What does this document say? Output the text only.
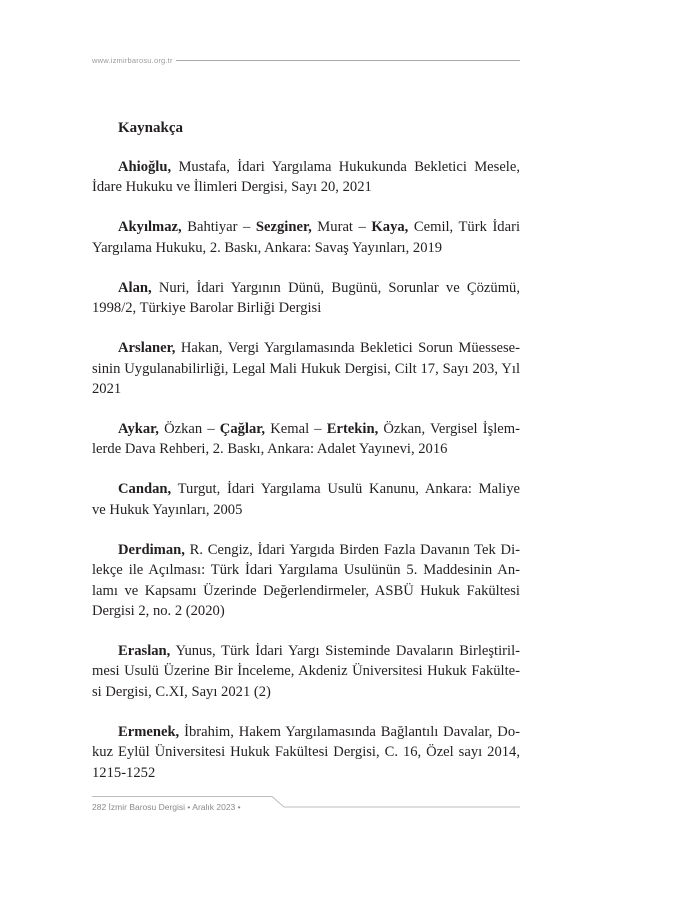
www.izmirbarosu.org.tr
Kaynakça
Ahioğlu, Mustafa, İdari Yargılama Hukukunda Bekletici Mesele,
İdare Hukuku ve İlimleri Dergisi, Sayı 20, 2021
Akyılmaz, Bahtiyar – Sezginer, Murat – Kaya, Cemil, Türk İdari
Yargılama Hukuku, 2. Baskı, Ankara: Savaş Yayınları, 2019
Alan, Nuri, İdari Yargının Dünü, Bugünü, Sorunlar ve Çözümü,
1998/2, Türkiye Barolar Birliği Dergisi
Arslaner, Hakan, Vergi Yargılamasında Bekletici Sorun Müessese-
sinin Uygulanabilirliği, Legal Mali Hukuk Dergisi, Cilt 17, Sayı 203, Yıl
2021
Aykar, Özkan – Çağlar, Kemal – Ertekin, Özkan, Vergisel İşlem-
lerde Dava Rehberi, 2. Baskı, Ankara: Adalet Yayınevi, 2016
Candan, Turgut, İdari Yargılama Usulü Kanunu, Ankara: Maliye
ve Hukuk Yayınları, 2005
Derdiman, R. Cengiz, İdari Yargıda Birden Fazla Davanın Tek Di-
lekçe ile Açılması: Türk İdari Yargılama Usulünün 5. Maddesinin An-
lamı ve Kapsamı Üzerinde Değerlendirmeler, ASBÜ Hukuk Fakültesi
Dergisi 2, no. 2 (2020)
Eraslan, Yunus, Türk İdari Yargı Sisteminde Davaların Birleştiril-
mesi Usulü Üzerine Bir İnceleme, Akdeniz Üniversitesi Hukuk Fakülte-
si Dergisi, C.XI, Sayı 2021 (2)
Ermenek, İbrahim, Hakem Yargılamasında Bağlantılı Davalar, Do-
kuz Eylül Üniversitesi Hukuk Fakültesi Dergisi, C. 16, Özel sayı 2014,
1215-1252
282 İzmir Barosu Dergisi • Aralık 2023 •
